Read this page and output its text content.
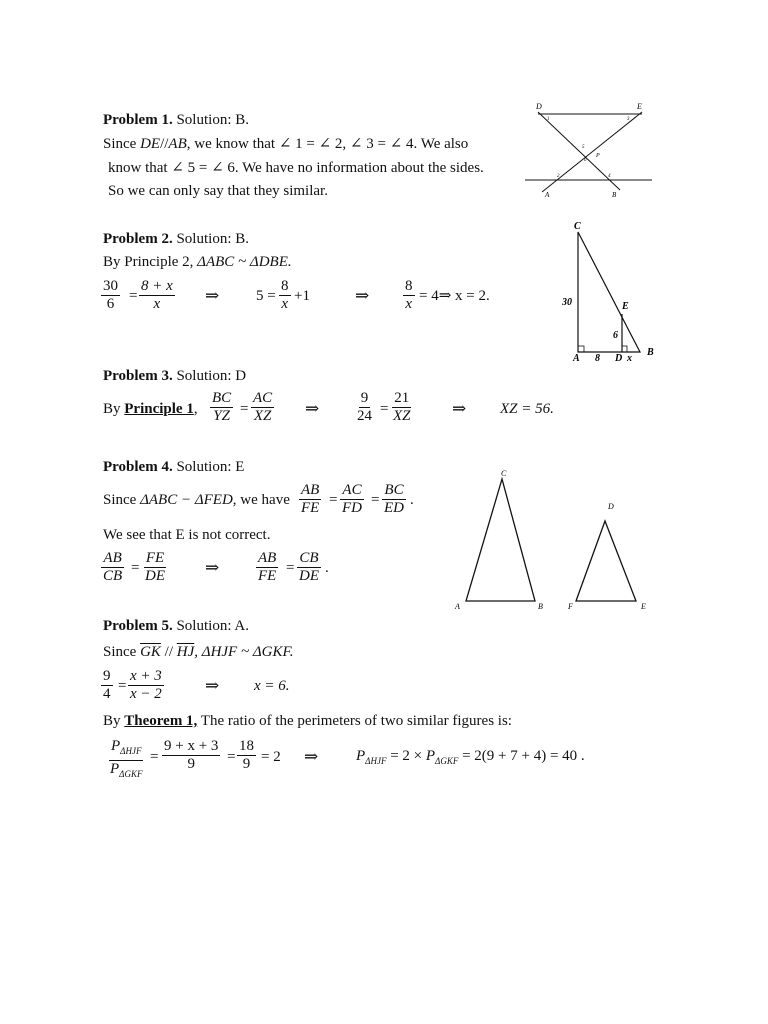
Problem 1. Solution: B.
Since DE//AB, we know that ∠ 1 = ∠ 2, ∠ 3 = ∠ 4. We also
know that ∠ 5 = ∠ 6. We have no information about the sides.
So we can only say that they similar.
D	E
A	B
P
1
2
3
4
5
6
Problem 2. Solution: B.
By Principle 2, ΔABC ~ ΔDBE.
$\frac{30}{6} = \frac{8 + x}{x}$ ⇒ $5 = \frac{8}{x} +1$	⇒ $\frac{8}{x}$ = 4⇒ x = 2.
C
30	E
6
A 8 D x
B
Problem 3. Solution: D
By Principle 1, $\frac{BC}{YZ} = \frac{AC}{XZ}$ ⇒ $\frac{9}{24} = \frac{21}{XZ}$ ⇒ XZ = 56.
Problem 4. Solution: E
Since ΔABC − ΔFED, we have $\frac{AB}{FE} = \frac{AC}{FD} = \frac{BC}{ED}$ .
We see that E is not correct.
$\frac{AB}{CB} = \frac{FE}{DE}$ ⇒ $\frac{AB}{FE} = \frac{CB}{DE}$ .
C
A	B
D
F	E
Problem 5. Solution: A.
Since $\overline{GK} // \overline{HJ}$, ΔHJF ~ ΔGKF.
$\frac{9}{4} = \frac{x + 3}{x - 2}$ ⇒ x = 6.
By Theorem 1, The ratio of the perimeters of two similar figures is:
$P_{\Delta HJF}$
$P_{\Delta GKF}$
= $\frac{9 + x + 3}{9} = \frac{18}{9} = 2$ ⇒	$P_{\Delta HJF} = 2 \times P_{\Delta GKF} = 2(9 + 7 + 4) = 40$ .
